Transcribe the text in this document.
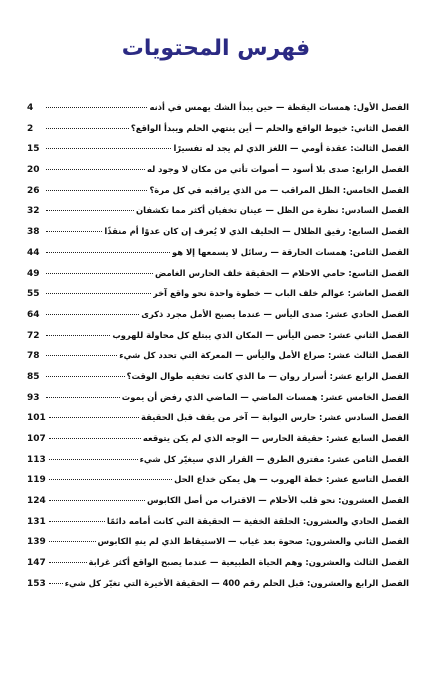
فهرس المحتويات
الفصل الأول: همسات اليقظة — حين يبدأ الشك يهمس في أذنه
4
الفصل الثاني: خيوط الواقع والحلم — أين ينتهي الحلم ويبدأ الواقع؟
2
الفصل الثالث: عقدة أومي — اللغز الذي لم يجد له تفسيرًا
15
الفصل الرابع: صدى بلا أسود — أصوات تأتي من مكان لا وجود له
20
الفصل الخامس: الظل المراقب — من الذي يراقبه في كل مرة؟
26
الفصل السادس: نظرة من الظل — عينان تخفيان أكثر مما تكشفان
32
الفصل السابع: رفيق الظلال — الحليف الذي لا يُعرف إن كان عدوًا أم منقذًا
38
الفصل الثامن: همسات الحارقة — رسائل لا يسمعها إلا هو
44
الفصل التاسع: حامي الاحلام — الحقيقة خلف الحارس الغامض
49
الفصل العاشر: عوالم خلف الباب — خطوة واحدة نحو واقع آخر
55
الفصل الحادي عشر: صدى اليأس — عندما يصبح الأمل مجرد ذكرى
64
الفصل الثاني عشر: حصن اليأس — المكان الذي يبتلع كل محاولة للهروب
72
الفصل الثالث عشر: صراع الأمل واليأس — المعركة التي تحدد كل شيء
78
الفصل الرابع عشر: أسرار روان — ما الذي كانت تخفيه طوال الوقت؟
85
الفصل الخامس عشر: همسات الماضي — الماضي الذي رفض أن يموت
93
الفصل السادس عشر: حارس البوابة — آخر من يقف قبل الحقيقة
101
الفصل السابع عشر: حقيقة الحارس — الوجه الذي لم يكن يتوقعه
107
الفصل الثامن عشر: مفترق الطرق — القرار الذي سيغيّر كل شيء
113
الفصل التاسع عشر: خطة الهروب — هل يمكن خداع الحل
119
الفصل العشرون: نحو قلب الأحلام — الاقتراب من أصل الكابوس
124
الفصل الحادي والعشرون: الحلقة الخفية — الحقيقة التي كانت أمامه دائمًا
131
الفصل الثاني والعشرون: صحوة بعد غياب — الاستيقاظ الذي لم ينهِ الكابوس
139
الفصل الثالث والعشرون: وهم الحياة الطبيعية — عندما يصبح الواقع أكثر غرابة
147
الفصل الرابع والعشرون: قبل الحلم رقم 400 — الحقيقة الأخيرة التي تغيّر كل شيء
153
